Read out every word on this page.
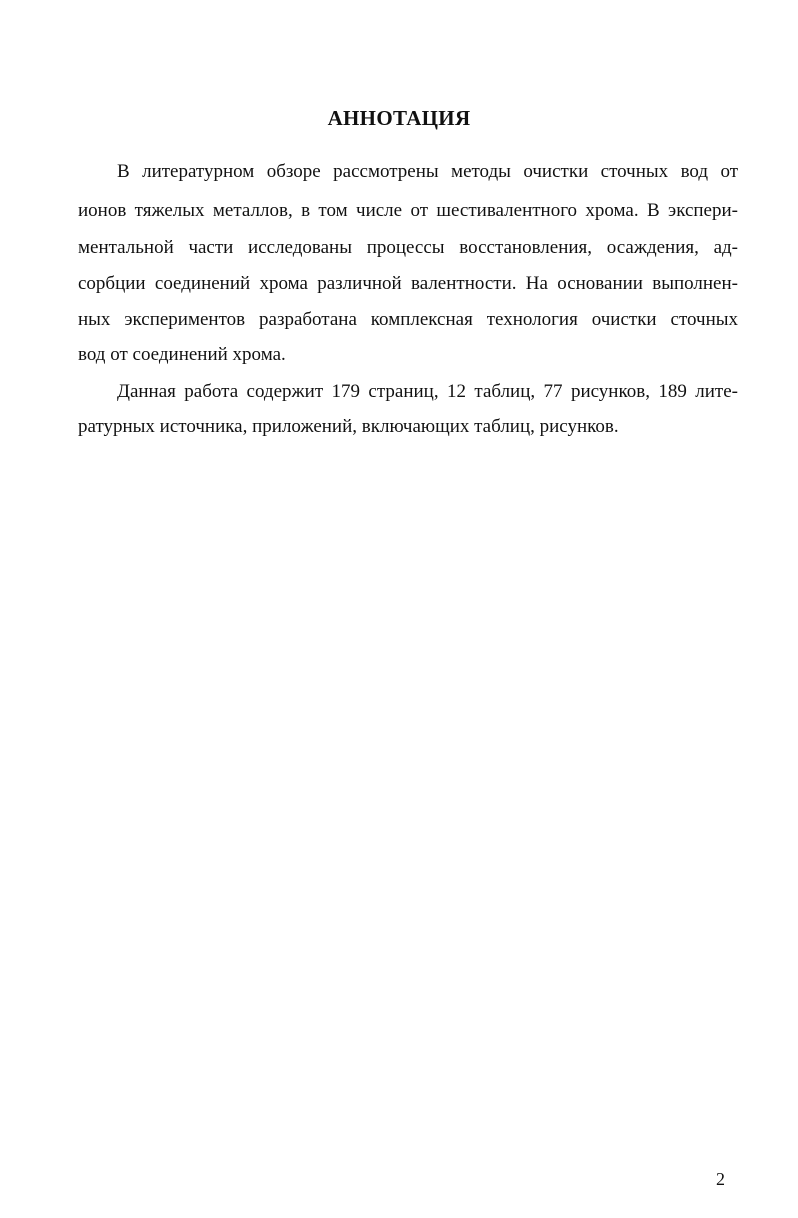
АННОТАЦИЯ

В литературном обзоре рассмотрены методы очистки сточных вод от

ионов тяжелых металлов, в том числе от шестивалентного хрома. В экспери-

ментальной части исследованы процессы восстановления, осаждения, ад-

сорбции соединений хрома различной валентности. На основании выполнен-

ных экспериментов разработана комплексная технология очистки сточных

вод от соединений хрома.

Данная работа содержит 179 страниц, 12 таблиц, 77 рисунков, 189 лите-

ратурных источника, приложений, включающих таблиц, рисунков.

2
